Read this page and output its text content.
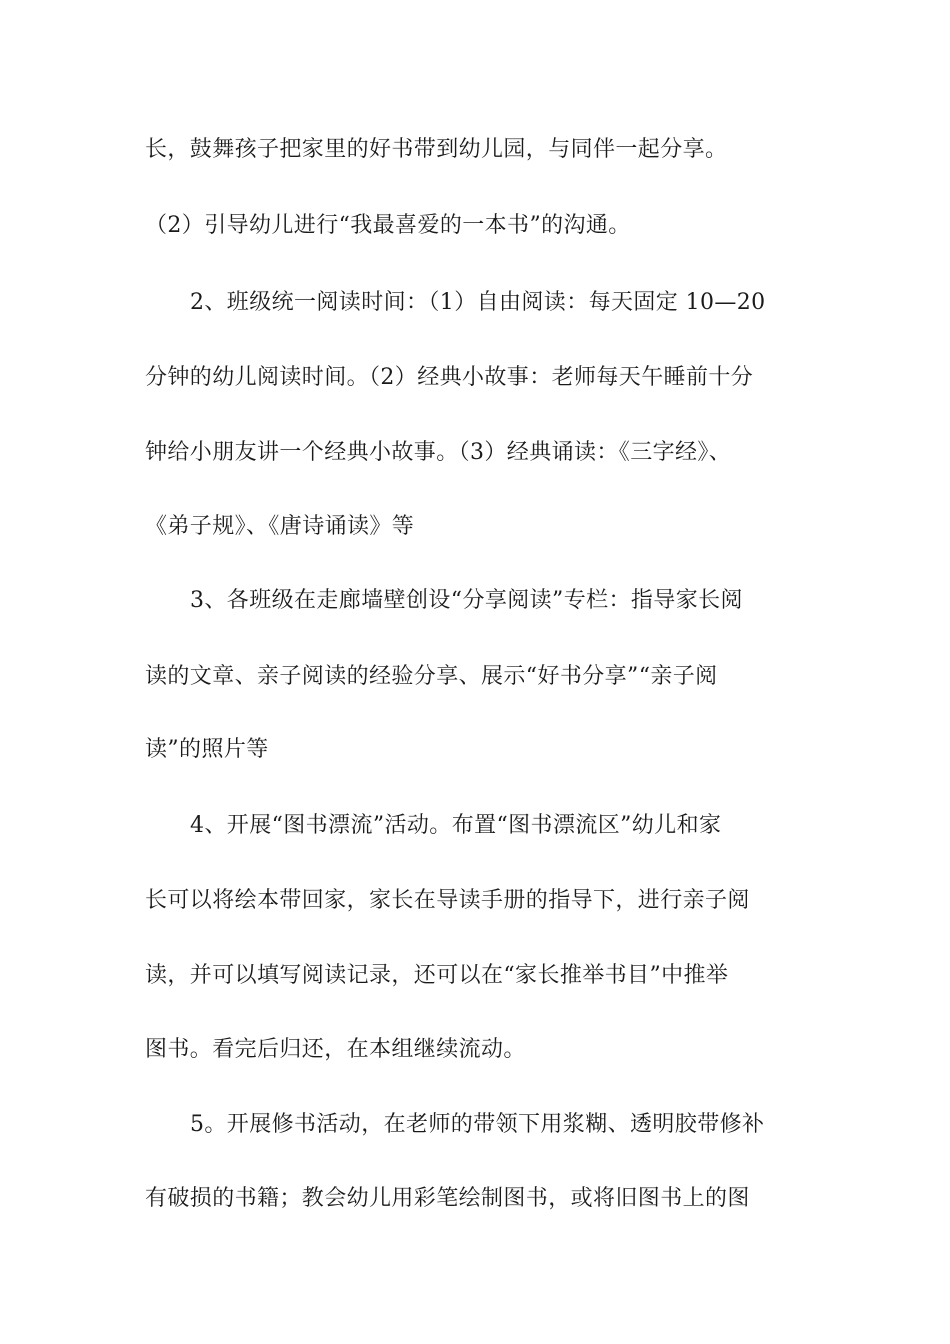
长，鼓舞孩子把家里的好书带到幼儿园，与同伴一起分享。
（2）引导幼儿进行“我最喜爱的一本书”的沟通。
2、班级统一阅读时间：（1）自由阅读：每天固定 10—20
分钟的幼儿阅读时间。（2）经典小故事：老师每天午睡前十分
钟给小朋友讲一个经典小故事。（3）经典诵读：《三字经》、
《弟子规》、《唐诗诵读》等
3、各班级在走廊墙壁创设“分享阅读”专栏：指导家长阅
读的文章、亲子阅读的经验分享、展示“好书分享”“亲子阅
读”的照片等
4、开展“图书漂流”活动。布置“图书漂流区”幼儿和家
长可以将绘本带回家，家长在导读手册的指导下，进行亲子阅
读，并可以填写阅读记录，还可以在“家长推举书目”中推举
图书。看完后归还，在本组继续流动。
5。开展修书活动，在老师的带领下用浆糊、透明胶带修补
有破损的书籍；教会幼儿用彩笔绘制图书，或将旧图书上的图
